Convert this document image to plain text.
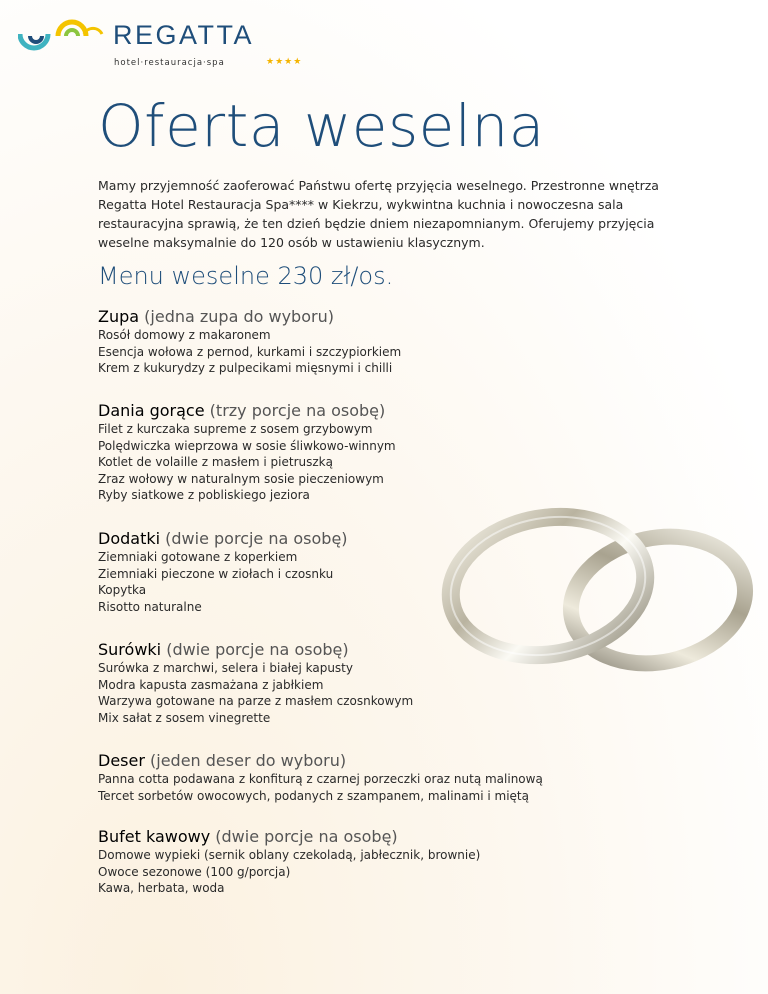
REGATTA
hotel·restauracja·spa	★★★★
Oferta weselna
Mamy przyjemność zaoferować Państwu ofertę przyjęcia weselnego. Przestronne wnętrza Regatta Hotel Restauracja Spa**** w Kiekrzu, wykwintna kuchnia i nowoczesna sala restauracyjna sprawią, że ten dzień będzie dniem niezapomnianym. Oferujemy przyjęcia weselne maksymalnie do 120 osób w ustawieniu klasycznym.
Menu weselne 230 zł/os.
Zupa (jedna zupa do wyboru)
Rosół domowy z makaronem
Esencja wołowa z pernod, kurkami i szczypiorkiem
Krem z kukurydzy z pulpecikami mięsnymi i chilli
Dania gorące (trzy porcje na osobę)
Filet z kurczaka supreme z sosem grzybowym
Polędwiczka wieprzowa w sosie śliwkowo-winnym
Kotlet de volaille z masłem i pietruszką
Zraz wołowy w naturalnym sosie pieczeniowym
Ryby siatkowe z pobliskiego jeziora
Dodatki (dwie porcje na osobę)
Ziemniaki gotowane z koperkiem
Ziemniaki pieczone w ziołach i czosnku
Kopytka
Risotto naturalne
Surówki (dwie porcje na osobę)
Surówka z marchwi, selera i białej kapusty
Modra kapusta zasmażana z jabłkiem
Warzywa gotowane na parze z masłem czosnkowym
Mix sałat z sosem vinegrette
Deser (jeden deser do wyboru)
Panna cotta podawana z konfiturą z czarnej porzeczki oraz nutą malinową
Tercet sorbetów owocowych, podanych z szampanem, malinami i miętą
Bufet kawowy (dwie porcje na osobę)
Domowe wypieki (sernik oblany czekoladą, jabłecznik, brownie)
Owoce sezonowe (100 g/porcja)
Kawa, herbata, woda
